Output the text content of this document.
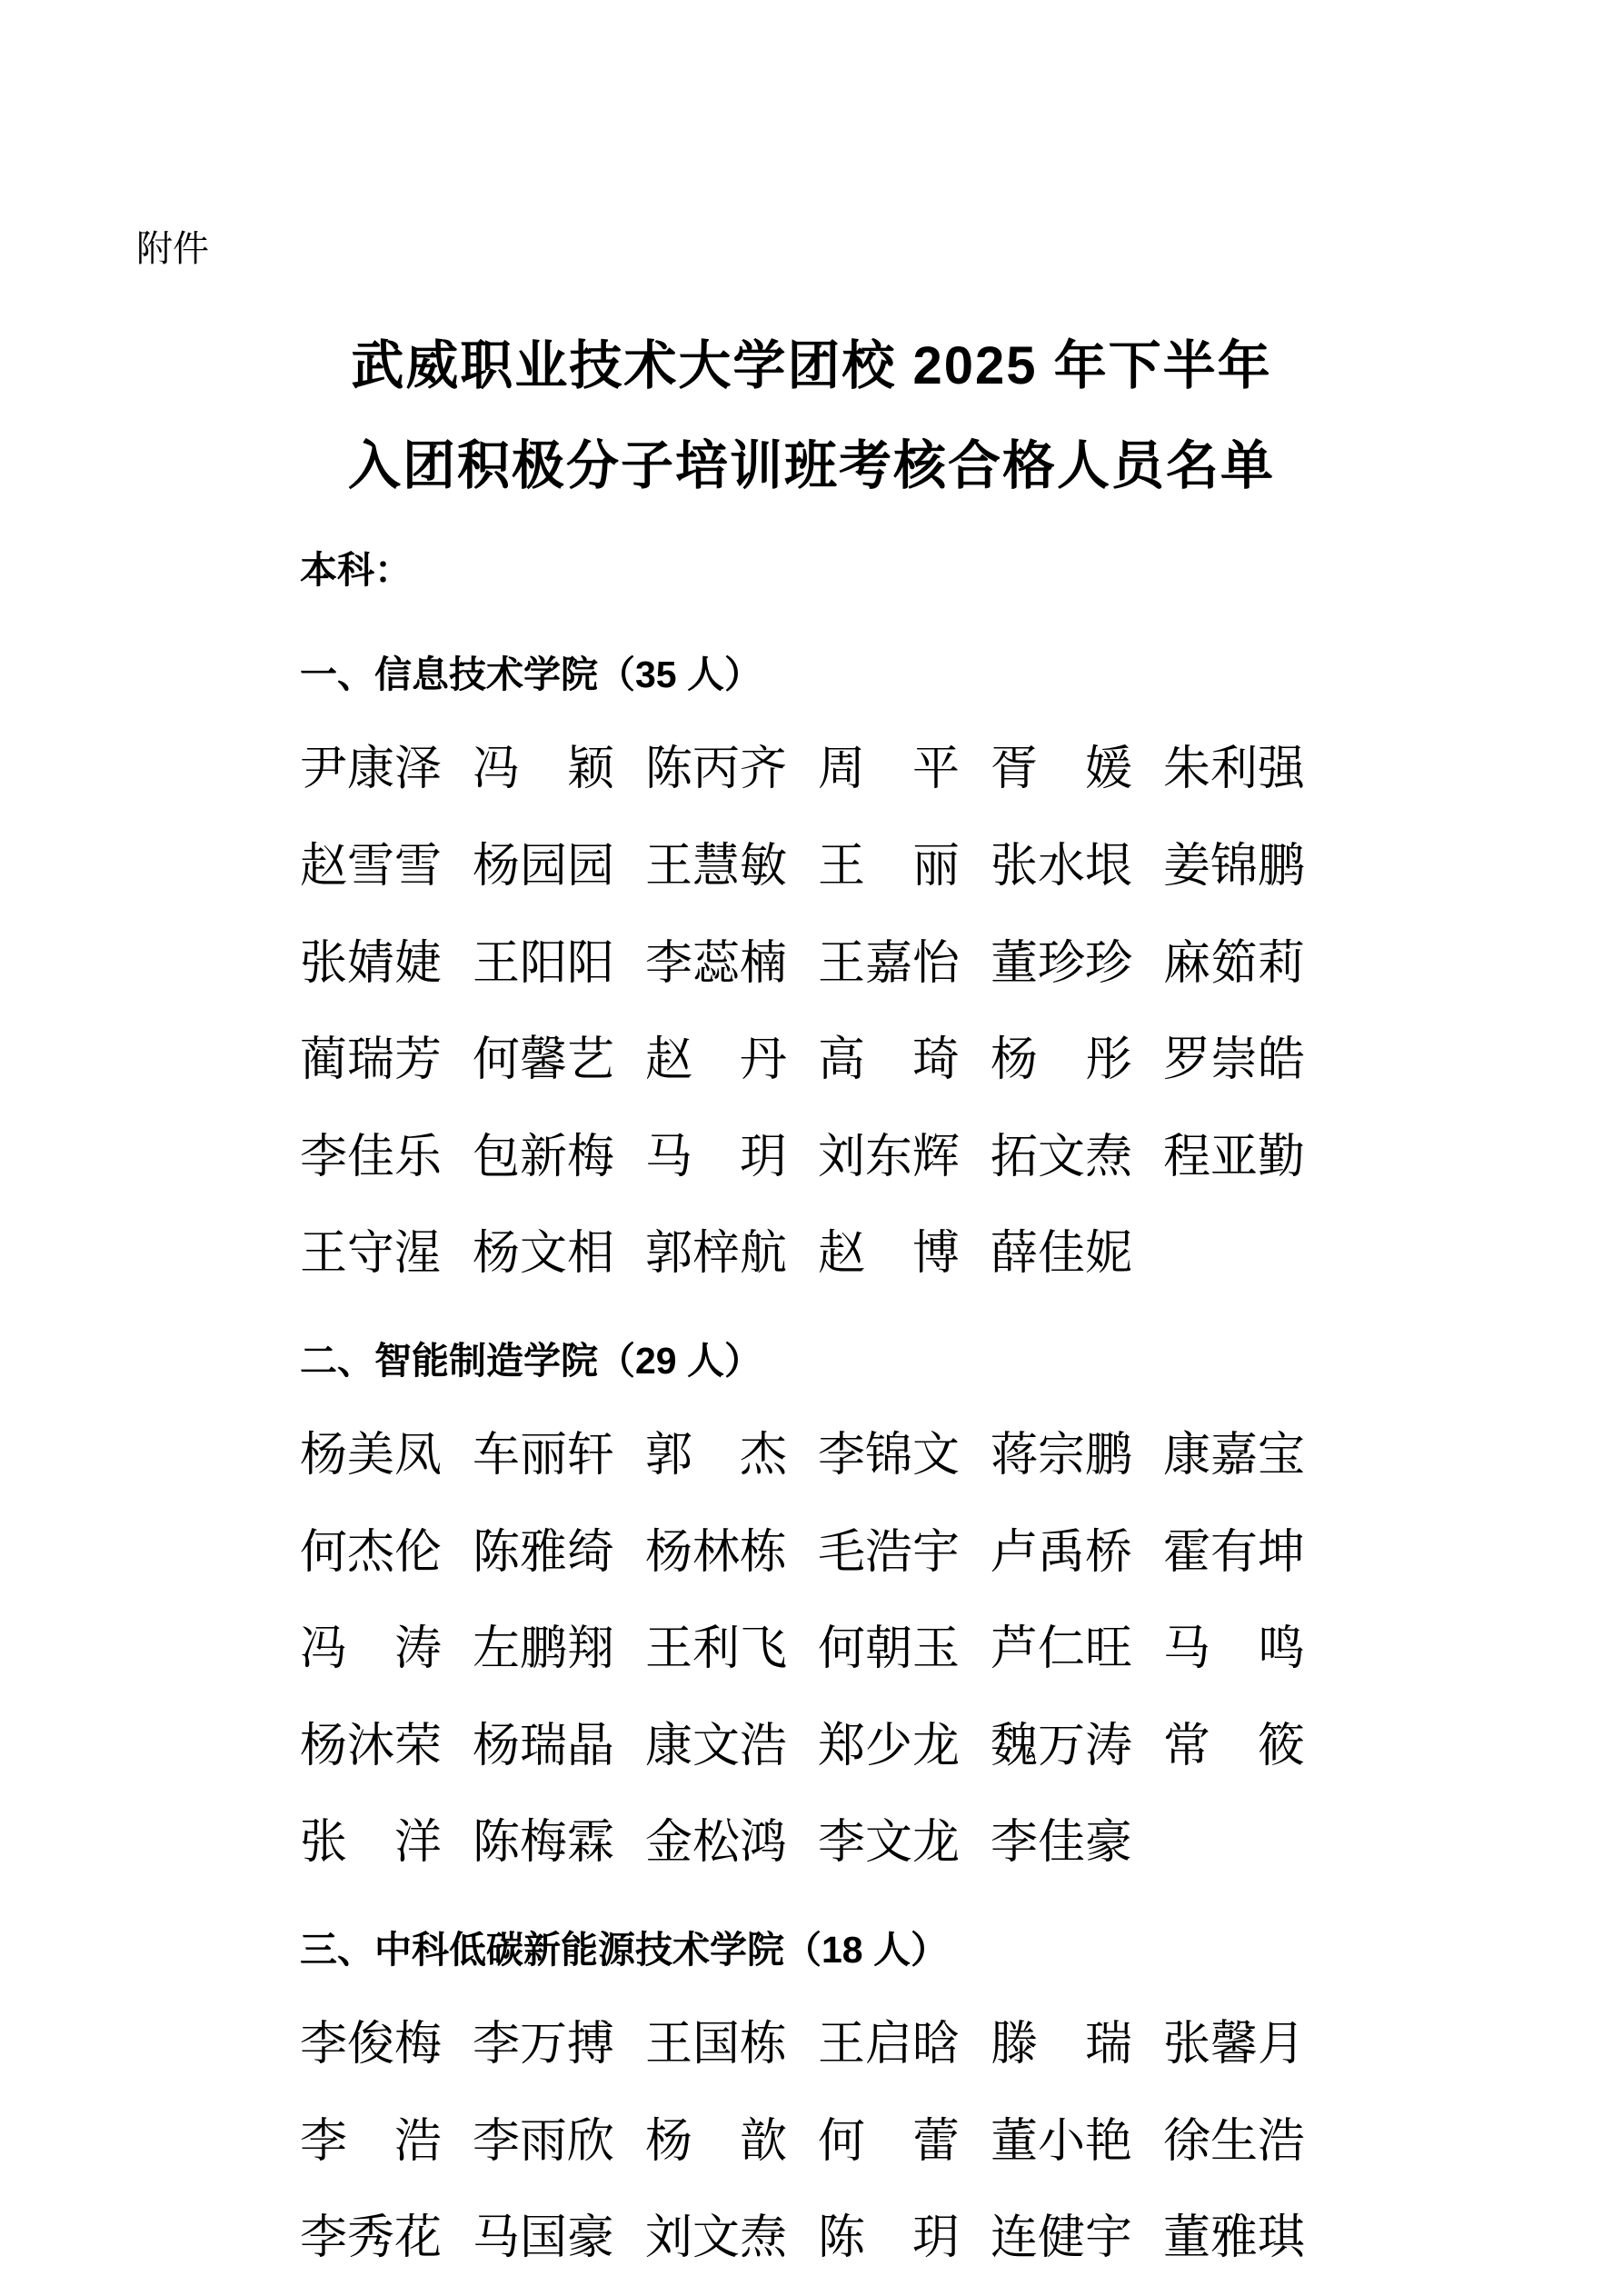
附件
武威职业技术大学团校 2025 年下半年
入团积极分子培训班考核合格人员名单
本科：
一、信息技术学院（35 人）
尹康泽 冯　颖 陈丙齐 周　平 胥　媛 朱利强
赵雪雪 杨园园 王慧敏 王　丽 张水垠 姜锦鹏
张婧婕 王阳阳 李蕊楠 王嘉怡 董珍珍 麻筎莉
蔺瑞芳 何馨艺 赵　丹 高　琦 杨　彤 罗崇皓
李佳乐 包新梅 马　玥 刘东辉 拓文焘 程亚勤
王守湦 杨文相 郭梓航 赵　博 薛佳妮
二、智能制造学院（29 人）
杨美凤 车丽轩 郭　杰 李锦文 蒋宗鹏 康嘉宝
何杰伦 陈雅绮 杨林栋 毛浩宇 卢禹桥 霍有坤
冯　涛 左鹏翔 王利飞 何朝玉 芦仁旺 马　鸣
杨沐荣 杨瑞晶 康文浩 郑少龙 魏万涛 常　筱
张　洋 陈梅霖 金松鸿 李文龙 李佳豪
三、中科低碳新能源技术学院（18 人）
李俊梅 李万搏 王国栋 王启晗 滕　瑞 张馨月
李　浩 李雨欣 杨　歆 何　蕾 董小艳 徐生浩
李秀花 马国豪 刘文焘 陈　玥 连健宇 董雅琪
